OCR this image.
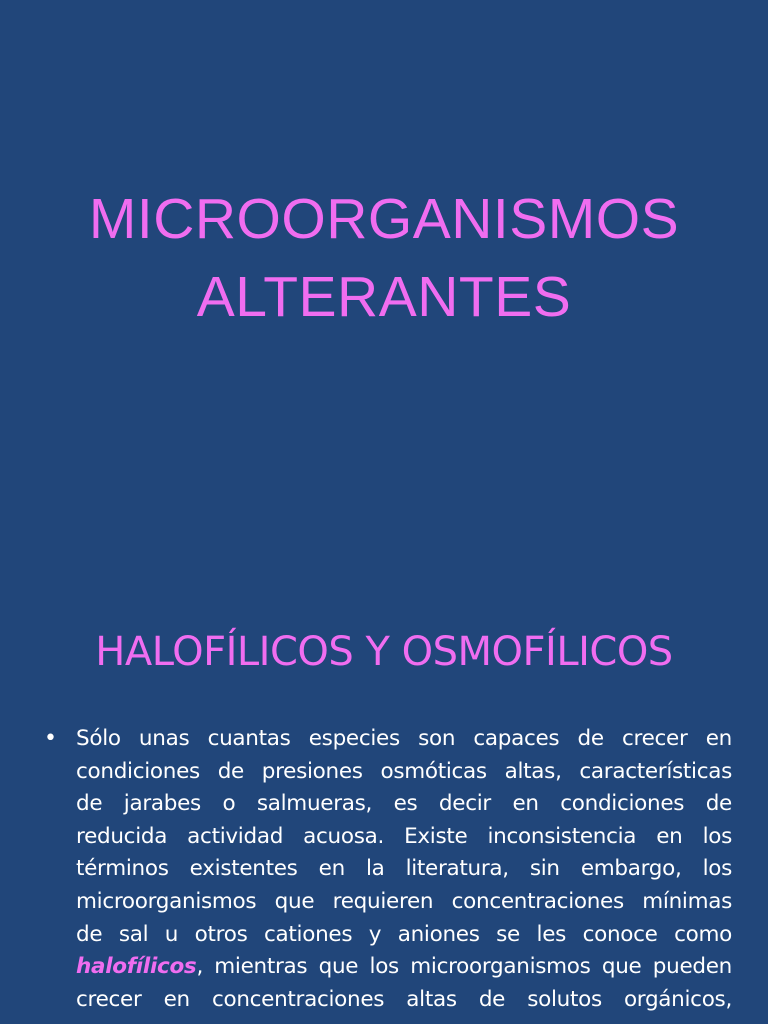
MICROORGANISMOS
ALTERANTES
HALOFÍLICOS Y OSMOFÍLICOS
• Sólo unas cuantas especies son capaces de crecer en
condiciones de presiones osmóticas altas, características
de jarabes o salmueras, es decir en condiciones de
reducida actividad acuosa. Existe inconsistencia en los
términos existentes en la literatura, sin embargo, los
microorganismos que requieren concentraciones mínimas
de sal u otros cationes y aniones se les conoce como
halofílicos, mientras que los microorganismos que pueden
crecer en concentraciones altas de solutos orgánicos,
